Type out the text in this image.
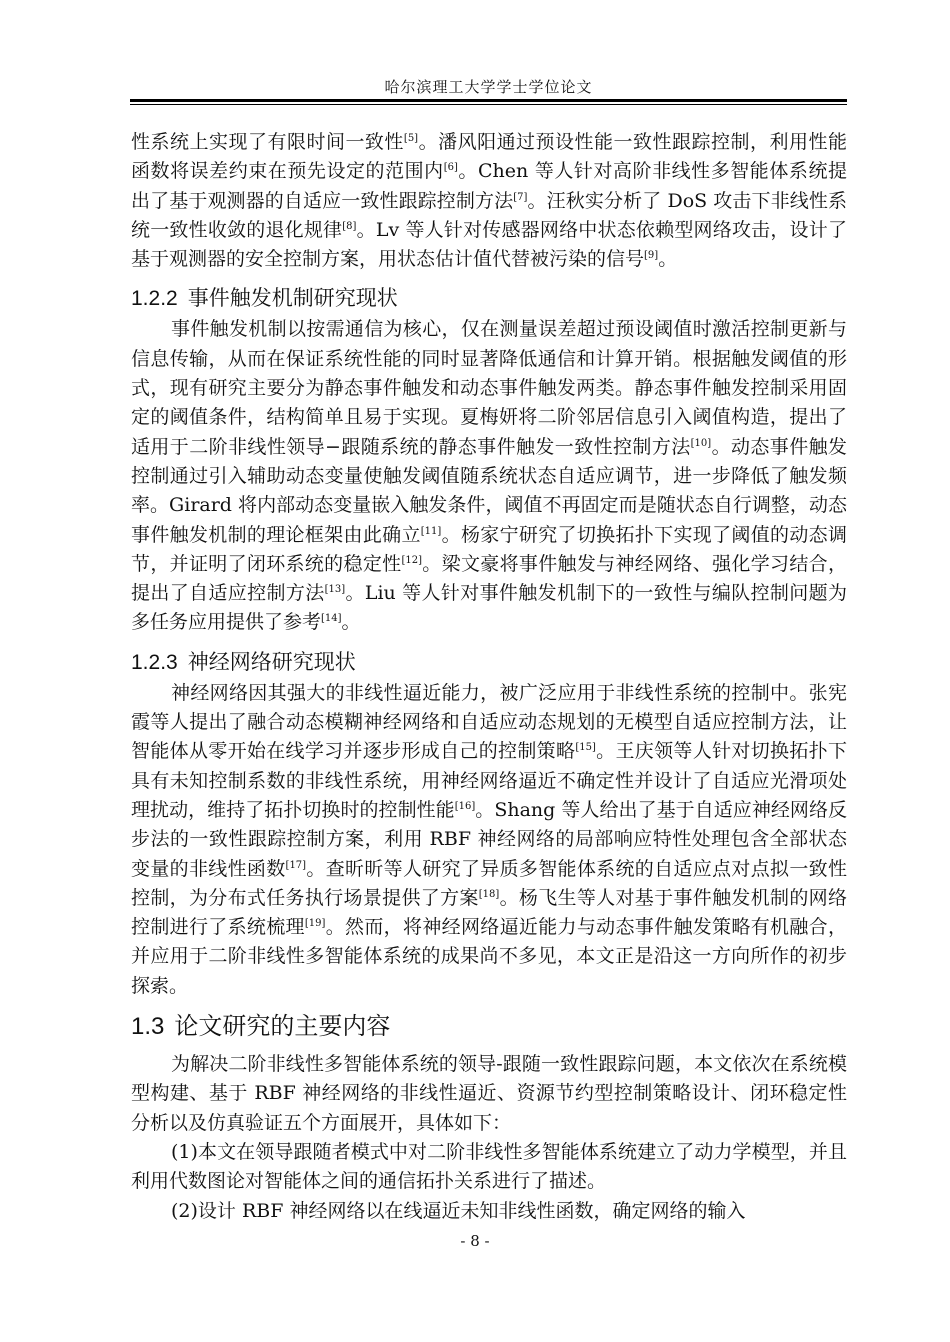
哈尔滨理工大学学士学位论文

性系统上实现了有限时间一致性[5]。潘风阳通过预设性能一致性跟踪控制，利用性能函数将误差约束在预先设定的范围内[6]。Chen 等人针对高阶非线性多智能体系统提出了基于观测器的自适应一致性跟踪控制方法[7]。汪秋实分析了 DoS 攻击下非线性系统一致性收敛的退化规律[8]。Lv 等人针对传感器网络中状态依赖型网络攻击，设计了基于观测器的安全控制方案，用状态估计值代替被污染的信号[9]。

1.2.2 事件触发机制研究现状

事件触发机制以按需通信为核心，仅在测量误差超过预设阈值时激活控制更新与信息传输，从而在保证系统性能的同时显著降低通信和计算开销。根据触发阈值的形式，现有研究主要分为静态事件触发和动态事件触发两类。静态事件触发控制采用固定的阈值条件，结构简单且易于实现。夏梅妍将二阶邻居信息引入阈值构造，提出了适用于二阶非线性领导−跟随系统的静态事件触发一致性控制方法[10]。动态事件触发控制通过引入辅助动态变量使触发阈值随系统状态自适应调节，进一步降低了触发频率。Girard 将内部动态变量嵌入触发条件，阈值不再固定而是随状态自行调整，动态事件触发机制的理论框架由此确立[11]。杨家宁研究了切换拓扑下实现了阈值的动态调节，并证明了闭环系统的稳定性[12]。梁文豪将事件触发与神经网络、强化学习结合，提出了自适应控制方法[13]。Liu 等人针对事件触发机制下的一致性与编队控制问题为多任务应用提供了参考[14]。

1.2.3 神经网络研究现状

神经网络因其强大的非线性逼近能力，被广泛应用于非线性系统的控制中。张宪霞等人提出了融合动态模糊神经网络和自适应动态规划的无模型自适应控制方法，让智能体从零开始在线学习并逐步形成自己的控制策略[15]。王庆领等人针对切换拓扑下具有未知控制系数的非线性系统，用神经网络逼近不确定性并设计了自适应光滑项处理扰动，维持了拓扑切换时的控制性能[16]。Shang 等人给出了基于自适应神经网络反步法的一致性跟踪控制方案，利用 RBF 神经网络的局部响应特性处理包含全部状态变量的非线性函数[17]。查昕昕等人研究了异质多智能体系统的自适应点对点拟一致性控制，为分布式任务执行场景提供了方案[18]。杨飞生等人对基于事件触发机制的网络控制进行了系统梳理[19]。然而，将神经网络逼近能力与动态事件触发策略有机融合，并应用于二阶非线性多智能体系统的成果尚不多见，本文正是沿这一方向所作的初步探索。

1.3 论文研究的主要内容

为解决二阶非线性多智能体系统的领导-跟随一致性跟踪问题，本文依次在系统模型构建、基于 RBF 神经网络的非线性逼近、资源节约型控制策略设计、闭环稳定性分析以及仿真验证五个方面展开，具体如下：

(1)本文在领导跟随者模式中对二阶非线性多智能体系统建立了动力学模型，并且利用代数图论对智能体之间的通信拓扑关系进行了描述。

(2)设计 RBF 神经网络以在线逼近未知非线性函数，确定网络的输入

- 8 -
